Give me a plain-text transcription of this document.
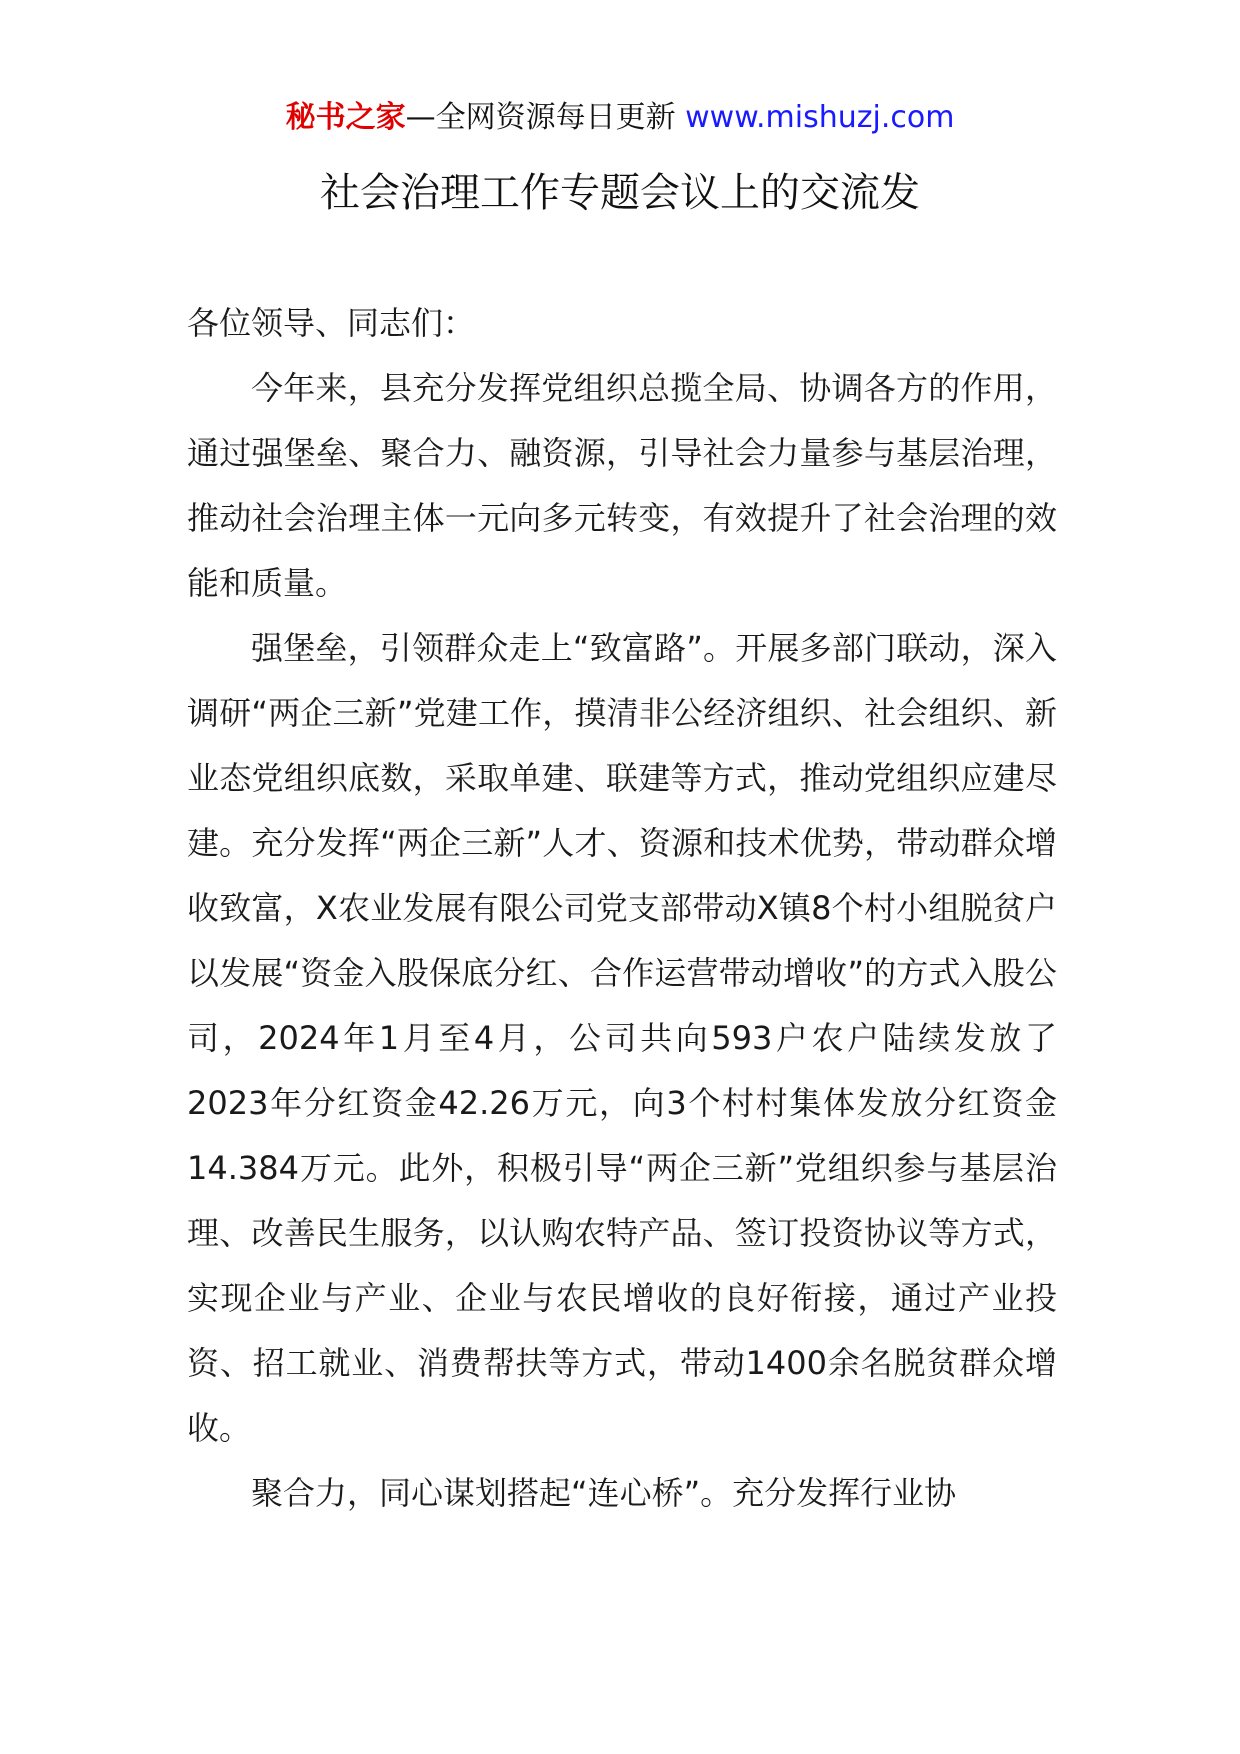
秘书之家—全网资源每日更新 www.mishuzj.com
社会治理工作专题会议上的交流发

各位领导、同志们：

今年来，县充分发挥党组织总揽全局、协调各方的作用，通过强堡垒、聚合力、融资源，引导社会力量参与基层治理，推动社会治理主体一元向多元转变，有效提升了社会治理的效能和质量。

强堡垒，引领群众走上“致富路”。开展多部门联动，深入调研“两企三新”党建工作，摸清非公经济组织、社会组织、新业态党组织底数，采取单建、联建等方式，推动党组织应建尽建。充分发挥“两企三新”人才、资源和技术优势，带动群众增收致富，X农业发展有限公司党支部带动X镇8个村小组脱贫户以发展“资金入股保底分红、合作运营带动增收”的方式入股公司，2024年1月至4月，公司共向593户农户陆续发放了2023年分红资金42.26万元，向3个村村集体发放分红资金14.384万元。此外，积极引导“两企三新”党组织参与基层治理、改善民生服务，以认购农特产品、签订投资协议等方式，实现企业与产业、企业与农民增收的良好衔接，通过产业投资、招工就业、消费帮扶等方式，带动1400余名脱贫群众增收。

聚合力，同心谋划搭起“连心桥”。充分发挥行业协
